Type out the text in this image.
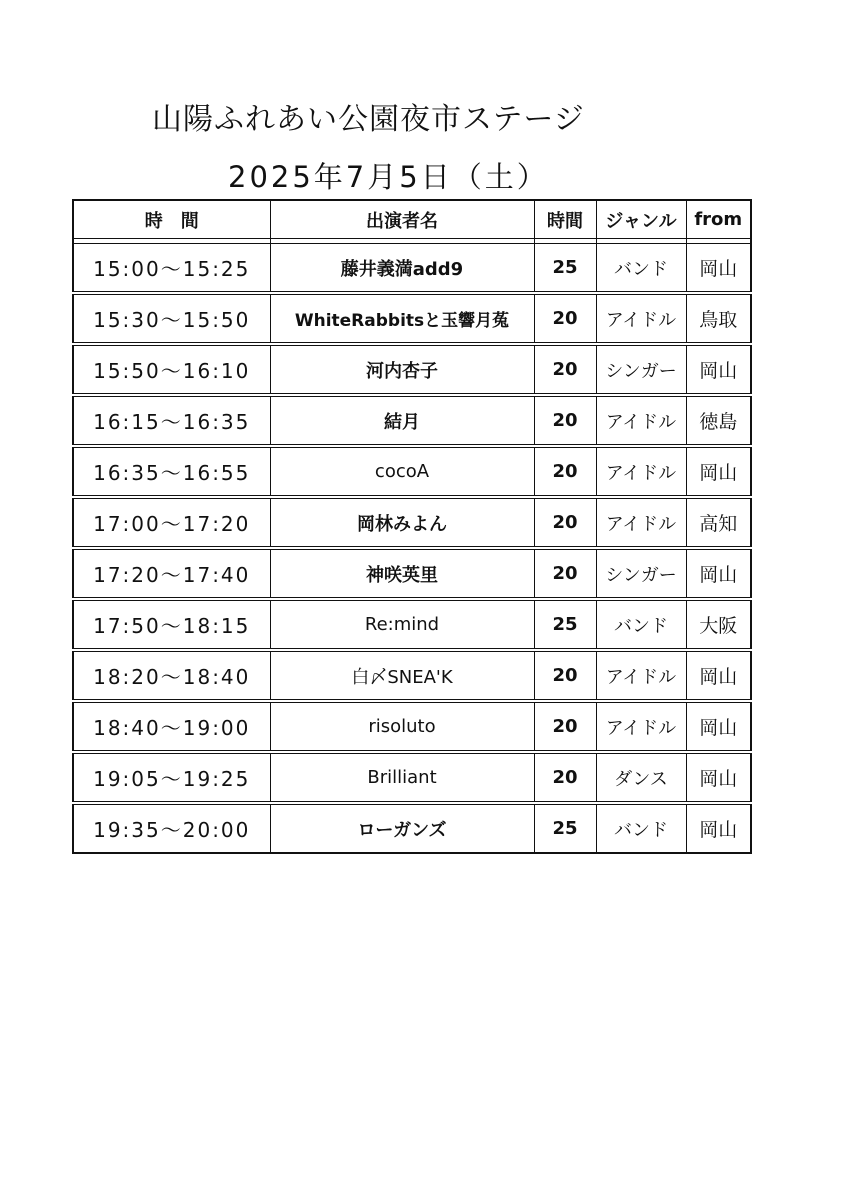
山陽ふれあい公園夜市ステージ
2025年7月5日（土）
時　間	出演者名	時間	ジャンル	from

15:00〜15:25	藤井義満add9	25	バンド	岡山
15:30〜15:50	WhiteRabbitsと玉響月菟	20	アイドル	鳥取
15:50〜16:10	河内杏子	20	シンガー	岡山
16:15〜16:35	結月	20	アイドル	徳島
16:35〜16:55	cocoA	20	アイドル	岡山
17:00〜17:20	岡林みよん	20	アイドル	高知
17:20〜17:40	神咲英里	20	シンガー	岡山
17:50〜18:15	Re:mind	25	バンド	大阪
18:20〜18:40	白〆SNEA'K	20	アイドル	岡山
18:40〜19:00	risoluto	20	アイドル	岡山
19:05〜19:25	Brilliant	20	ダンス	岡山
19:35〜20:00	ローガンズ	25	バンド	岡山
